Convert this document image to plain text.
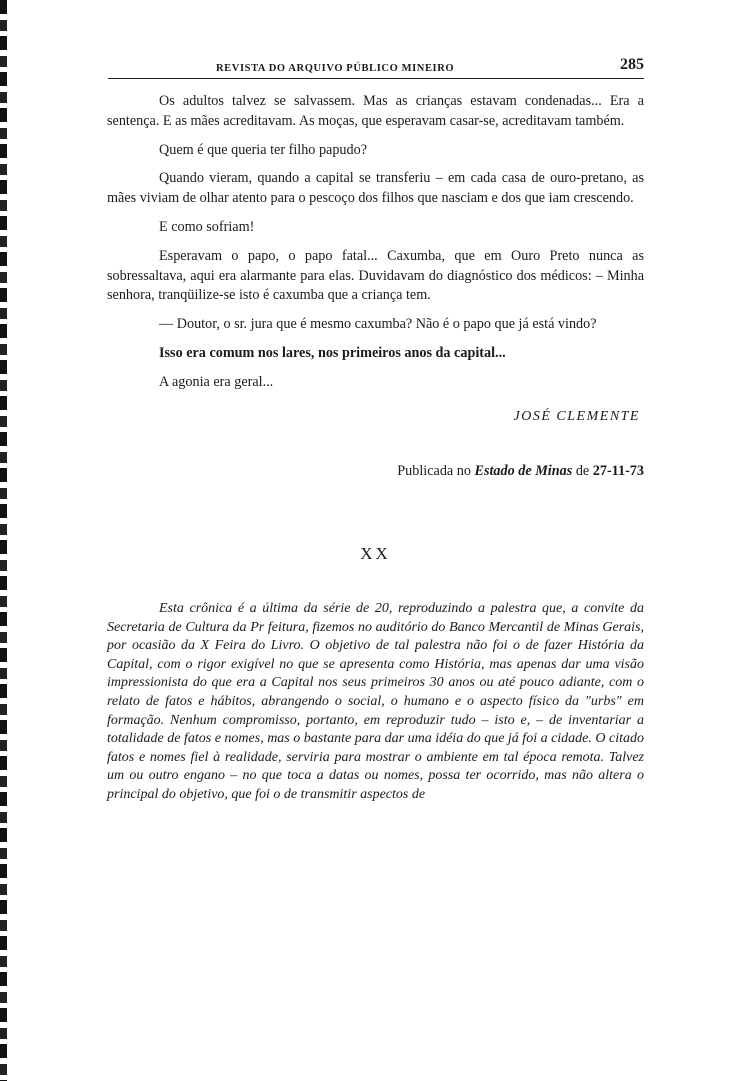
REVISTA DO ARQUIVO PÚBLICO MINEIRO	285

Os adultos talvez se salvassem. Mas as crianças estavam condenadas... Era a sentença. E as mães acreditavam. As moças, que esperavam casar-se, acreditavam também.

Quem é que queria ter filho papudo?

Quando vieram, quando a capital se transferiu – em cada casa de ouro-pretano, as mães viviam de olhar atento para o pescoço dos filhos que nasciam e dos que iam crescendo.

E como sofriam!

Esperavam o papo, o papo fatal... Caxumba, que em Ouro Preto nunca as sobressaltava, aqui era alarmante para elas. Duvidavam do diagnóstico dos médicos: – Minha senhora, tranqüilize-se isto é caxumba que a criança tem.

— Doutor, o sr. jura que é mesmo caxumba? Não é o papo que já está vindo?

Isso era comum nos lares, nos primeiros anos da capital...

A agonia era geral...

JOSÉ CLEMENTE

Publicada no Estado de Minas de 27-11-73

XX

Esta crônica é a última da série de 20, reproduzindo a palestra que, a convite da Secretaria de Cultura da Pr feitura, fizemos no auditório do Banco Mercantil de Minas Gerais, por ocasião da X Feira do Livro. O objetivo de tal palestra não foi o de fazer História da Capital, com o rigor exigível no que se apresenta como História, mas apenas dar uma visão impressionista do que era a Capital nos seus primeiros 30 anos ou até pouco adiante, com o relato de fatos e hábitos, abrangendo o social, o humano e o aspecto físico da "urbs" em formação. Nenhum compromisso, portanto, em reproduzir tudo – isto e, – de inventariar a totalidade de fatos e nomes, mas o bastante para dar uma idéia do que já foi a cidade. O citado fatos e nomes fiel à realidade, serviria para mostrar o ambiente em tal época remota. Talvez um ou outro engano – no que toca a datas ou nomes, possa ter ocorrido, mas não altera o principal do objetivo, que foi o de transmitir aspectos de
